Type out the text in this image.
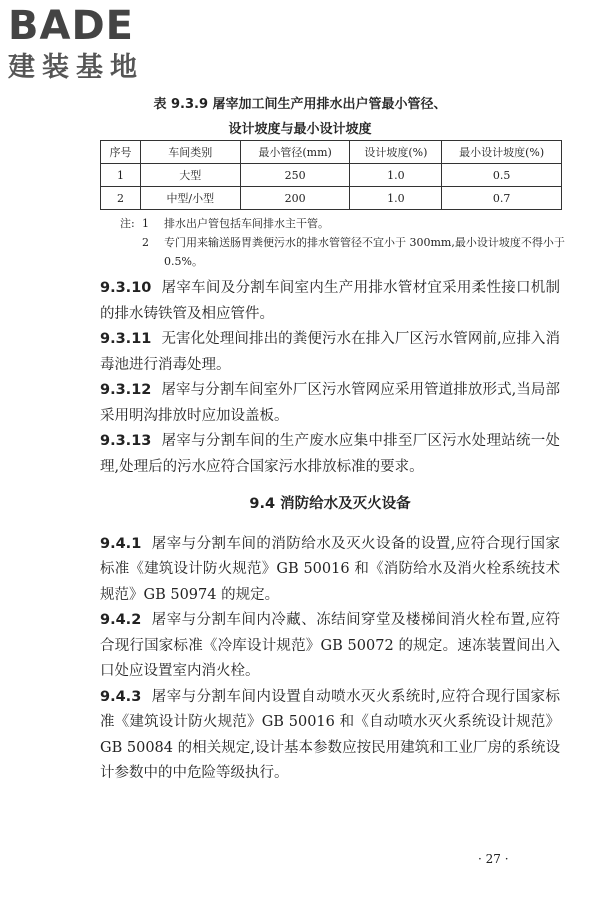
BADE
建装基地
表 9.3.9 屠宰加工间生产用排水出户管最小管径、
设计坡度与最小设计坡度
序号	车间类别	最小管径(mm)	设计坡度(%)	最小设计坡度(%)
1	大型	250	1.0	0.5
2	中型/小型	200	1.0	0.7
注: 1	排水出户管包括车间排水主干管。
2	专门用来输送肠胃粪便污水的排水管管径不宜小于 300mm,最小设计坡度不得小于 0.5%。

9.3.10 屠宰车间及分割车间室内生产用排水管材宜采用柔性接口机制的排水铸铁管及相应管件。

9.3.11 无害化处理间排出的粪便污水在排入厂区污水管网前,应排入消毒池进行消毒处理。

9.3.12 屠宰与分割车间室外厂区污水管网应采用管道排放形式,当局部采用明沟排放时应加设盖板。

9.3.13 屠宰与分割车间的生产废水应集中排至厂区污水处理站统一处理,处理后的污水应符合国家污水排放标准的要求。

9.4 消防给水及灭火设备

9.4.1 屠宰与分割车间的消防给水及灭火设备的设置,应符合现行国家标准《建筑设计防火规范》GB 50016 和《消防给水及消火栓系统技术规范》GB 50974 的规定。

9.4.2 屠宰与分割车间内冷藏、冻结间穿堂及楼梯间消火栓布置,应符合现行国家标准《冷库设计规范》GB 50072 的规定。速冻装置间出入口处应设置室内消火栓。

9.4.3 屠宰与分割车间内设置自动喷水灭火系统时,应符合现行国家标准《建筑设计防火规范》GB 50016 和《自动喷水灭火系统设计规范》GB 50084 的相关规定,设计基本参数应按民用建筑和工业厂房的系统设计参数中的中危险等级执行。

· 27 ·
